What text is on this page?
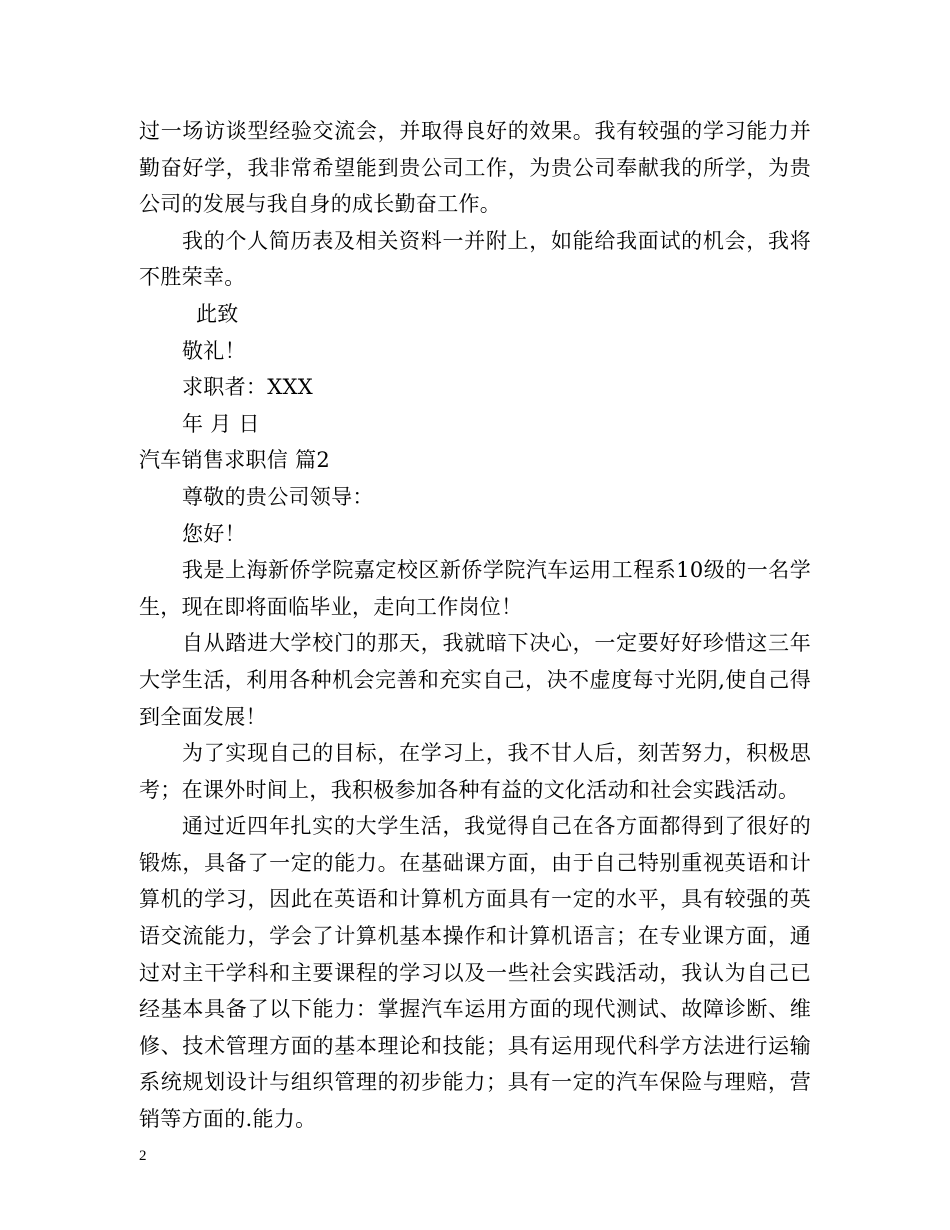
过一场访谈型经验交流会，并取得良好的效果。我有较强的学习能力并勤奋好学，我非常希望能到贵公司工作，为贵公司奉献我的所学，为贵公司的发展与我自身的成长勤奋工作。

我的个人简历表及相关资料一并附上，如能给我面试的机会，我将不胜荣幸。

此致

敬礼！

求职者：XXX

年 月 日

汽车销售求职信 篇2

尊敬的贵公司领导：

您好！

我是上海新侨学院嘉定校区新侨学院汽车运用工程系10级的一名学生，现在即将面临毕业，走向工作岗位！

自从踏进大学校门的那天，我就暗下决心，一定要好好珍惜这三年大学生活，利用各种机会完善和充实自己，决不虚度每寸光阴,使自己得到全面发展！

为了实现自己的目标，在学习上，我不甘人后，刻苦努力，积极思考；在课外时间上，我积极参加各种有益的文化活动和社会实践活动。

通过近四年扎实的大学生活，我觉得自己在各方面都得到了很好的锻炼，具备了一定的能力。在基础课方面，由于自己特别重视英语和计算机的学习，因此在英语和计算机方面具有一定的水平，具有较强的英语交流能力，学会了计算机基本操作和计算机语言；在专业课方面，通过对主干学科和主要课程的学习以及一些社会实践活动，我认为自己已经基本具备了以下能力：掌握汽车运用方面的现代测试、故障诊断、维修、技术管理方面的基本理论和技能；具有运用现代科学方法进行运输系统规划设计与组织管理的初步能力；具有一定的汽车保险与理赔，营销等方面的.能力。

2
